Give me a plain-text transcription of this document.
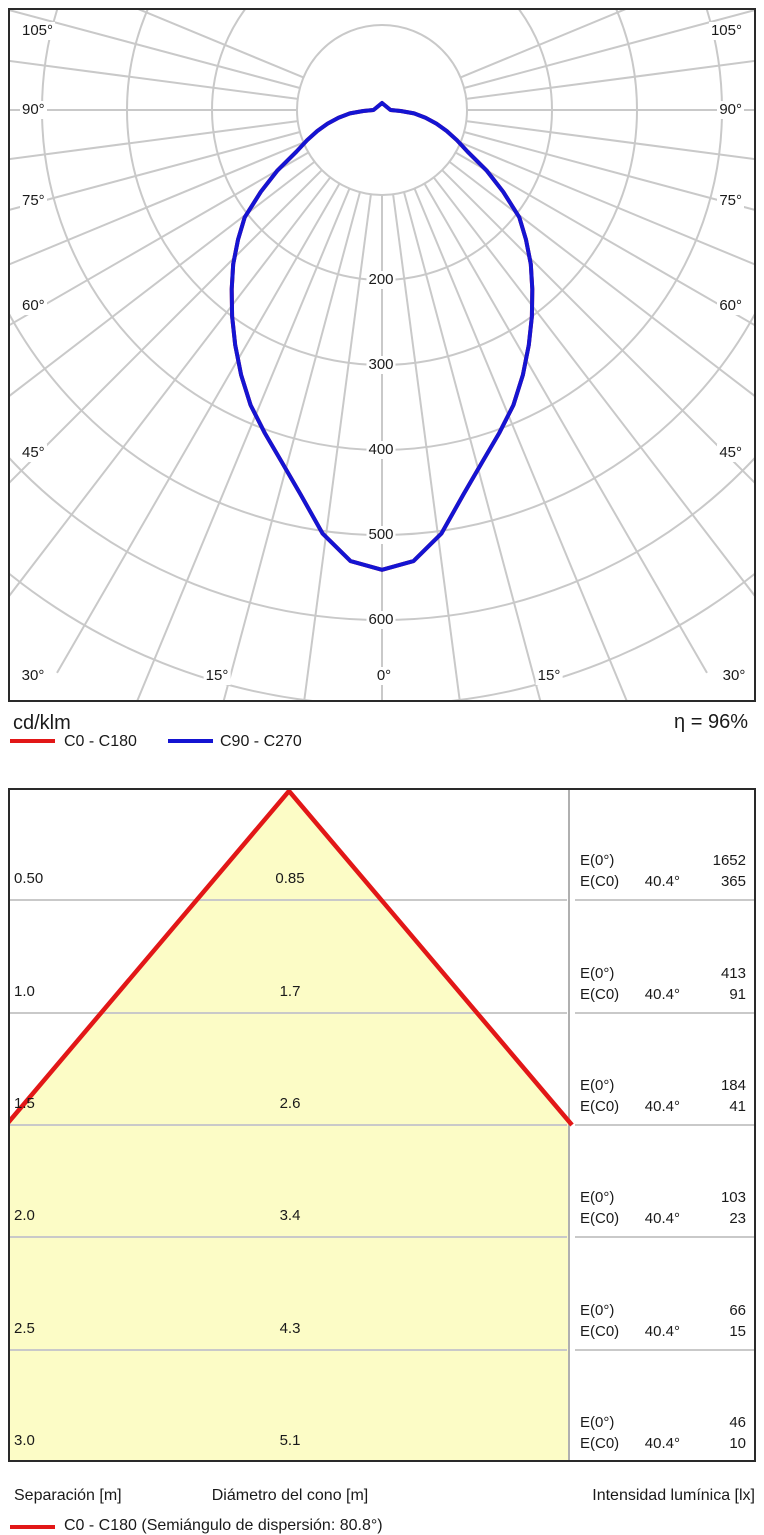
cd/klm	η = 96%
C0 - C180	C90 - C270
Separación [m]	Diámetro del cono [m]	Intensidad lumínica [lx]
C0 - C180 (Semiángulo de dispersión: 80.8°)
200
300
400
500
600
105°	105°
90°	90°
75°	75°
60°	60°
45°	45°
30°	15°	0°	15°	30°
0.50	0.85
E(0°)	1652
E(C0)	40.4°	365
1.0	1.7
E(0°)	413
E(C0)	40.4°	91
1.5	2.6
E(0°)	184
E(C0)	40.4°	41
2.0	3.4
E(0°)	103
E(C0)	40.4°	23
2.5	4.3
E(0°)	66
E(C0)	40.4°	15
3.0	5.1
E(0°)	46
E(C0)	40.4°	10
